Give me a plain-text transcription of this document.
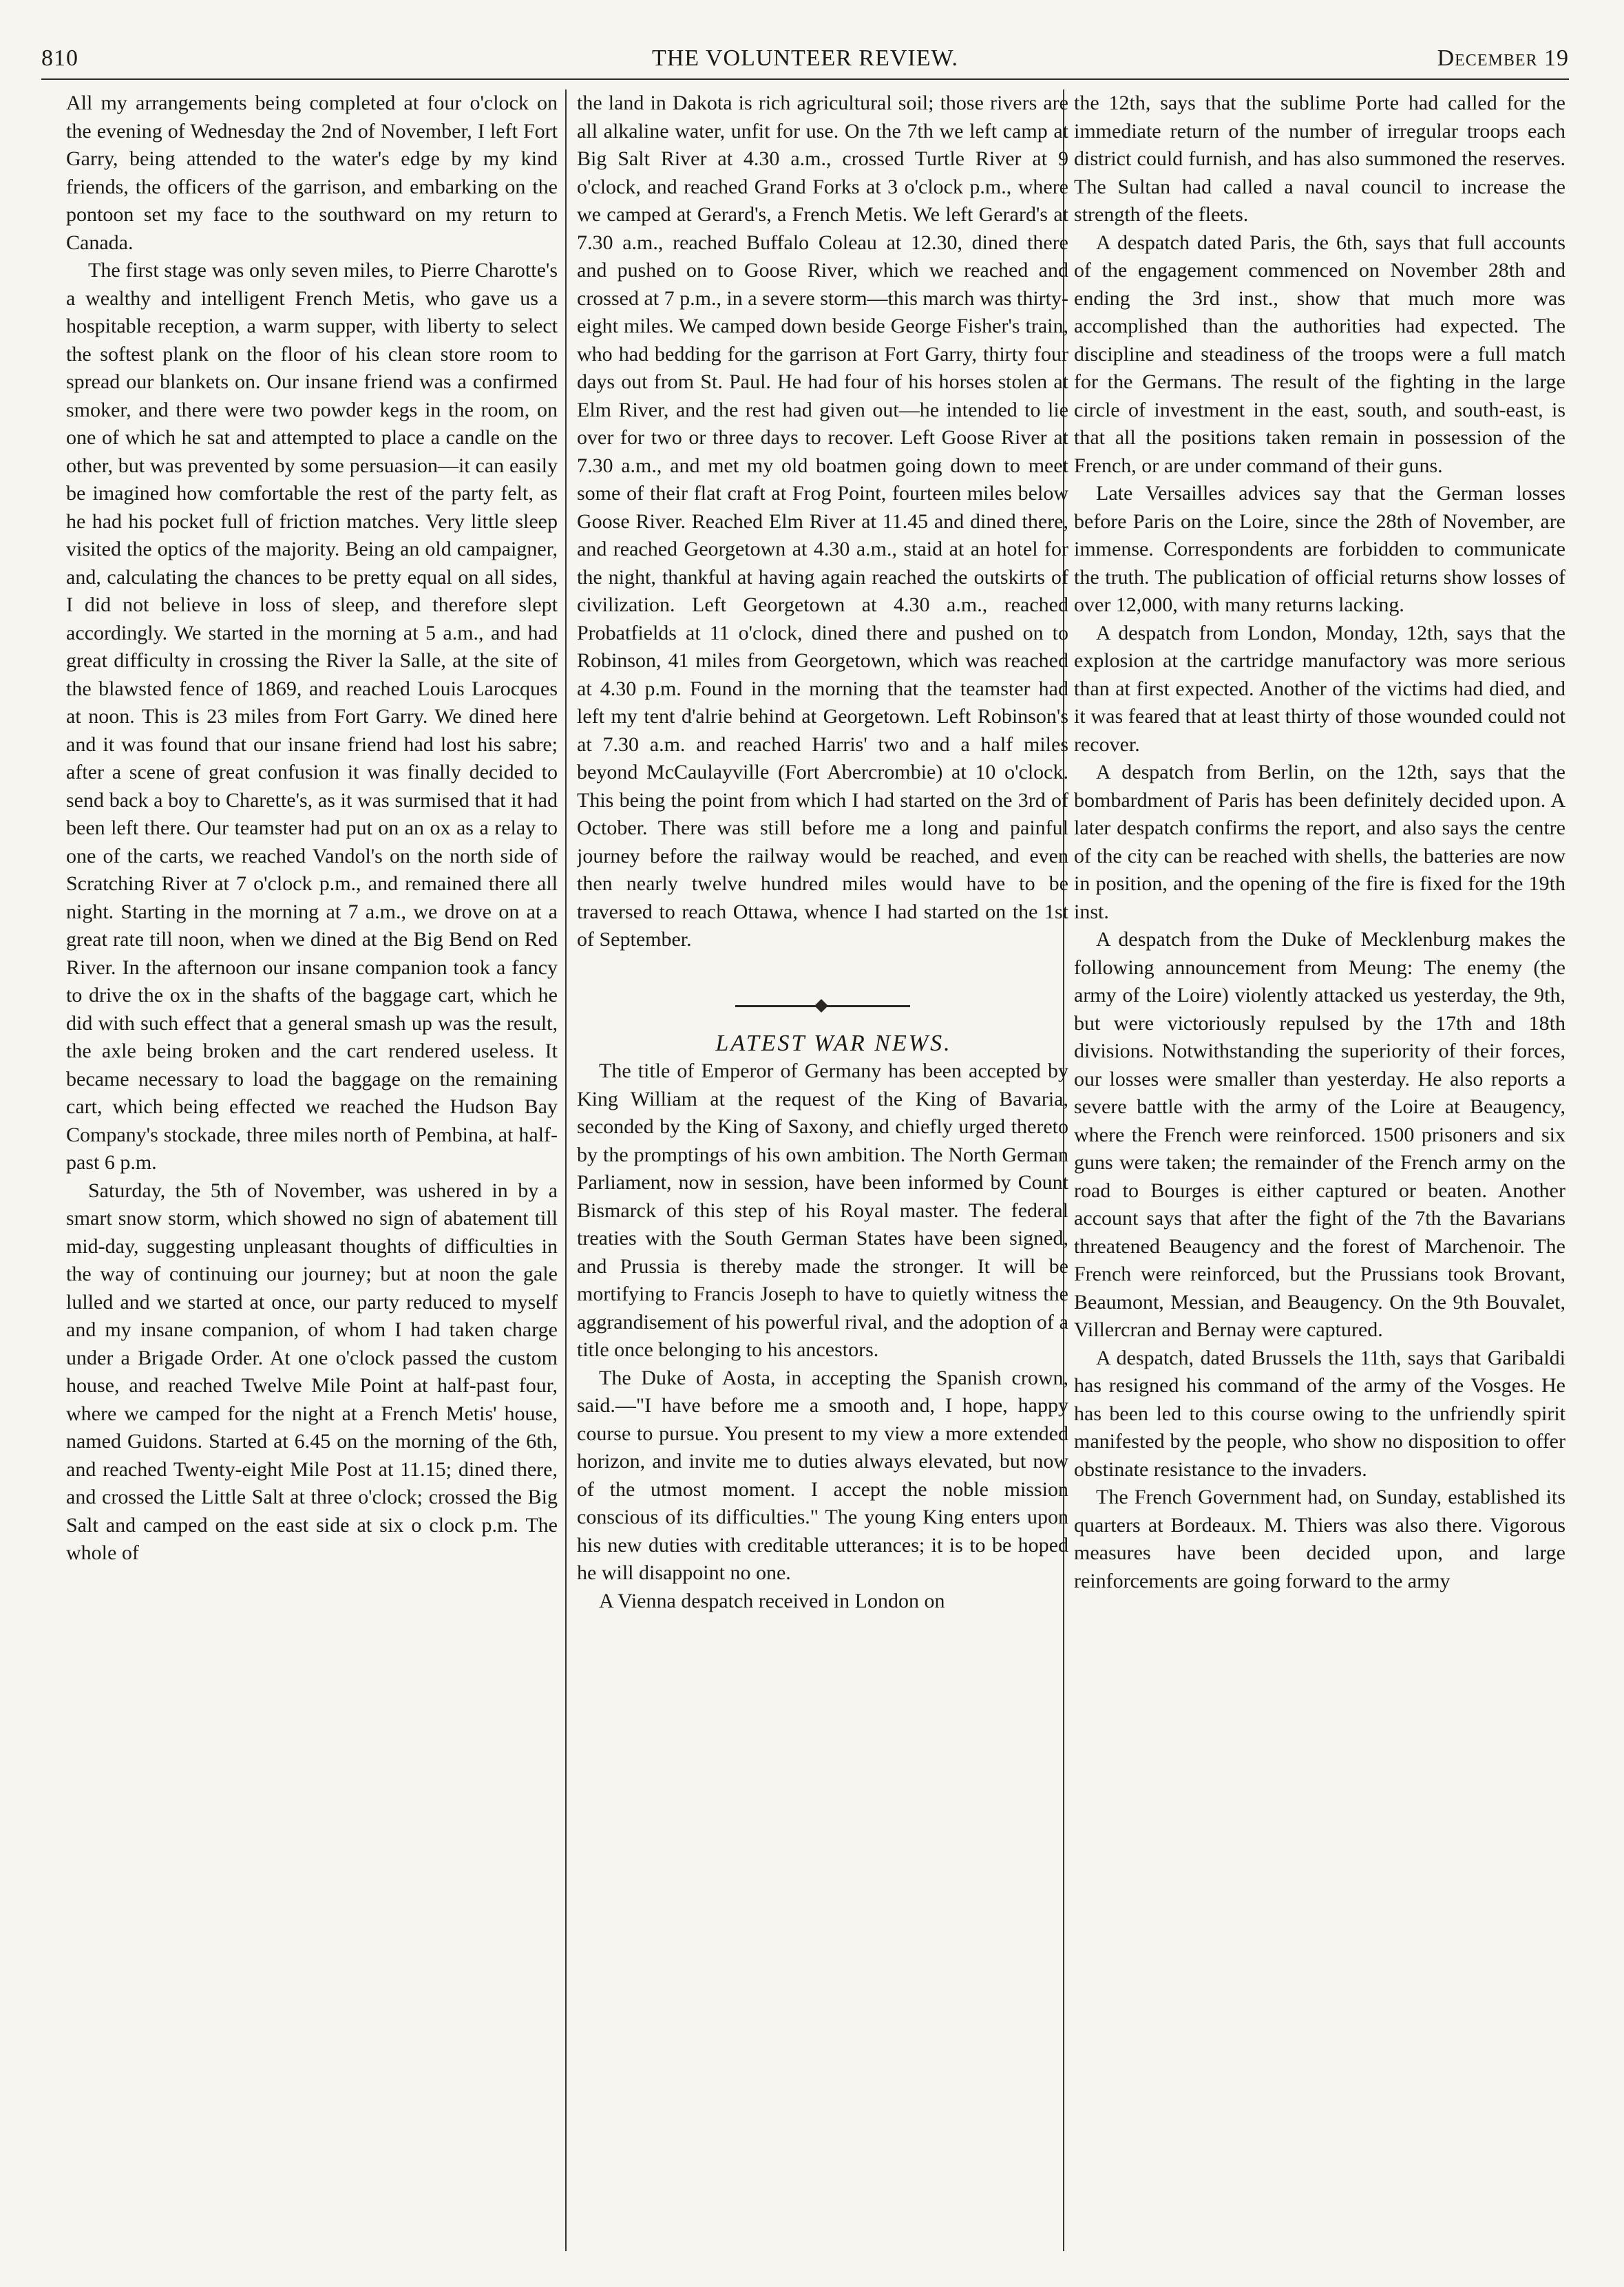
810	THE VOLUNTEER REVIEW.	December 19

All my arrangements being completed at four o'clock on the evening of Wednesday the 2nd of November, I left Fort Garry, being attended to the water's edge by my kind friends, the officers of the garrison, and embarking on the pontoon set my face to the southward on my return to Canada.

The first stage was only seven miles, to Pierre Charotte's a wealthy and intelligent French Metis, who gave us a hospitable reception, a warm supper, with liberty to select the softest plank on the floor of his clean store room to spread our blankets on. Our insane friend was a confirmed smoker, and there were two powder kegs in the room, on one of which he sat and attempted to place a candle on the other, but was prevented by some persuasion—it can easily be imagined how comfortable the rest of the party felt, as he had his pocket full of friction matches. Very little sleep visited the optics of the majority. Being an old campaigner, and, calculating the chances to be pretty equal on all sides, I did not believe in loss of sleep, and therefore slept accordingly. We started in the morning at 5 a.m., and had great difficulty in crossing the River la Salle, at the site of the blawsted fence of 1869, and reached Louis Larocques at noon. This is 23 miles from Fort Garry. We dined here and it was found that our insane friend had lost his sabre; after a scene of great confusion it was finally decided to send back a boy to Charette's, as it was surmised that it had been left there. Our teamster had put on an ox as a relay to one of the carts, we reached Vandol's on the north side of Scratching River at 7 o'clock p.m., and remained there all night. Starting in the morning at 7 a.m., we drove on at a great rate till noon, when we dined at the Big Bend on Red River. In the afternoon our insane companion took a fancy to drive the ox in the shafts of the baggage cart, which he did with such effect that a general smash up was the result, the axle being broken and the cart rendered useless. It became necessary to load the baggage on the remaining cart, which being effected we reached the Hudson Bay Company's stockade, three miles north of Pembina, at half-past 6 p.m.

Saturday, the 5th of November, was ushered in by a smart snow storm, which showed no sign of abatement till mid-day, suggesting unpleasant thoughts of difficulties in the way of continuing our journey; but at noon the gale lulled and we started at once, our party reduced to myself and my insane companion, of whom I had taken charge under a Brigade Order. At one o'clock passed the custom house, and reached Twelve Mile Point at half-past four, where we camped for the night at a French Metis' house, named Guidons. Started at 6.45 on the morning of the 6th, and reached Twenty-eight Mile Post at 11.15; dined there, and crossed the Little Salt at three o'clock; crossed the Big Salt and camped on the east side at six o clock p.m. The whole of

the land in Dakota is rich agricultural soil; those rivers are all alkaline water, unfit for use. On the 7th we left camp at Big Salt River at 4.30 a.m., crossed Turtle River at 9 o'clock, and reached Grand Forks at 3 o'clock p.m., where we camped at Gerard's, a French Metis. We left Gerard's at 7.30 a.m., reached Buffalo Coleau at 12.30, dined there and pushed on to Goose River, which we reached and crossed at 7 p.m., in a severe storm—this march was thirty-eight miles. We camped down beside George Fisher's train, who had bedding for the garrison at Fort Garry, thirty four days out from St. Paul. He had four of his horses stolen at Elm River, and the rest had given out—he intended to lie over for two or three days to recover. Left Goose River at 7.30 a.m., and met my old boatmen going down to meet some of their flat craft at Frog Point, fourteen miles below Goose River. Reached Elm River at 11.45 and dined there, and reached Georgetown at 4.30 a.m., staid at an hotel for the night, thankful at having again reached the outskirts of civilization. Left Georgetown at 4.30 a.m., reached Probatfields at 11 o'clock, dined there and pushed on to Robinson, 41 miles from Georgetown, which was reached at 4.30 p.m. Found in the morning that the teamster had left my tent d'alrie behind at Georgetown. Left Robinson's at 7.30 a.m. and reached Harris' two and a half miles beyond McCaulayville (Fort Abercrombie) at 10 o'clock. This being the point from which I had started on the 3rd of October. There was still before me a long and painful journey before the railway would be reached, and even then nearly twelve hundred miles would have to be traversed to reach Ottawa, whence I had started on the 1st of September.

LATEST WAR NEWS.

The title of Emperor of Germany has been accepted by King William at the request of the King of Bavaria, seconded by the King of Saxony, and chiefly urged thereto by the promptings of his own ambition. The North German Parliament, now in session, have been informed by Count Bismarck of this step of his Royal master. The federal treaties with the South German States have been signed, and Prussia is thereby made the stronger. It will be mortifying to Francis Joseph to have to quietly witness the aggrandisement of his powerful rival, and the adoption of a title once belonging to his ancestors.

The Duke of Aosta, in accepting the Spanish crown, said.—"I have before me a smooth and, I hope, happy course to pursue. You present to my view a more extended horizon, and invite me to duties always elevated, but now of the utmost moment. I accept the noble mission conscious of its difficulties." The young King enters upon his new duties with creditable utterances; it is to be hoped he will disappoint no one.

A Vienna despatch received in London on

the 12th, says that the sublime Porte had called for the immediate return of the number of irregular troops each district could furnish, and has also summoned the reserves. The Sultan had called a naval council to increase the strength of the fleets.

A despatch dated Paris, the 6th, says that full accounts of the engagement commenced on November 28th and ending the 3rd inst., show that much more was accomplished than the authorities had expected. The discipline and steadiness of the troops were a full match for the Germans. The result of the fighting in the large circle of investment in the east, south, and south-east, is that all the positions taken remain in possession of the French, or are under command of their guns.

Late Versailles advices say that the German losses before Paris on the Loire, since the 28th of November, are immense. Correspondents are forbidden to communicate the truth. The publication of official returns show losses of over 12,000, with many returns lacking.

A despatch from London, Monday, 12th, says that the explosion at the cartridge manufactory was more serious than at first expected. Another of the victims had died, and it was feared that at least thirty of those wounded could not recover.

A despatch from Berlin, on the 12th, says that the bombardment of Paris has been definitely decided upon. A later despatch confirms the report, and also says the centre of the city can be reached with shells, the batteries are now in position, and the opening of the fire is fixed for the 19th inst.

A despatch from the Duke of Mecklenburg makes the following announcement from Meung: The enemy (the army of the Loire) violently attacked us yesterday, the 9th, but were victoriously repulsed by the 17th and 18th divisions. Notwithstanding the superiority of their forces, our losses were smaller than yesterday. He also reports a severe battle with the army of the Loire at Beaugency, where the French were reinforced. 1500 prisoners and six guns were taken; the remainder of the French army on the road to Bourges is either captured or beaten. Another account says that after the fight of the 7th the Bavarians threatened Beaugency and the forest of Marchenoir. The French were reinforced, but the Prussians took Brovant, Beaumont, Messian, and Beaugency. On the 9th Bouvalet, Villercran and Bernay were captured.

A despatch, dated Brussels the 11th, says that Garibaldi has resigned his command of the army of the Vosges. He has been led to this course owing to the unfriendly spirit manifested by the people, who show no disposition to offer obstinate resistance to the invaders.

The French Government had, on Sunday, established its quarters at Bordeaux. M. Thiers was also there. Vigorous measures have been decided upon, and large reinforcements are going forward to the army
